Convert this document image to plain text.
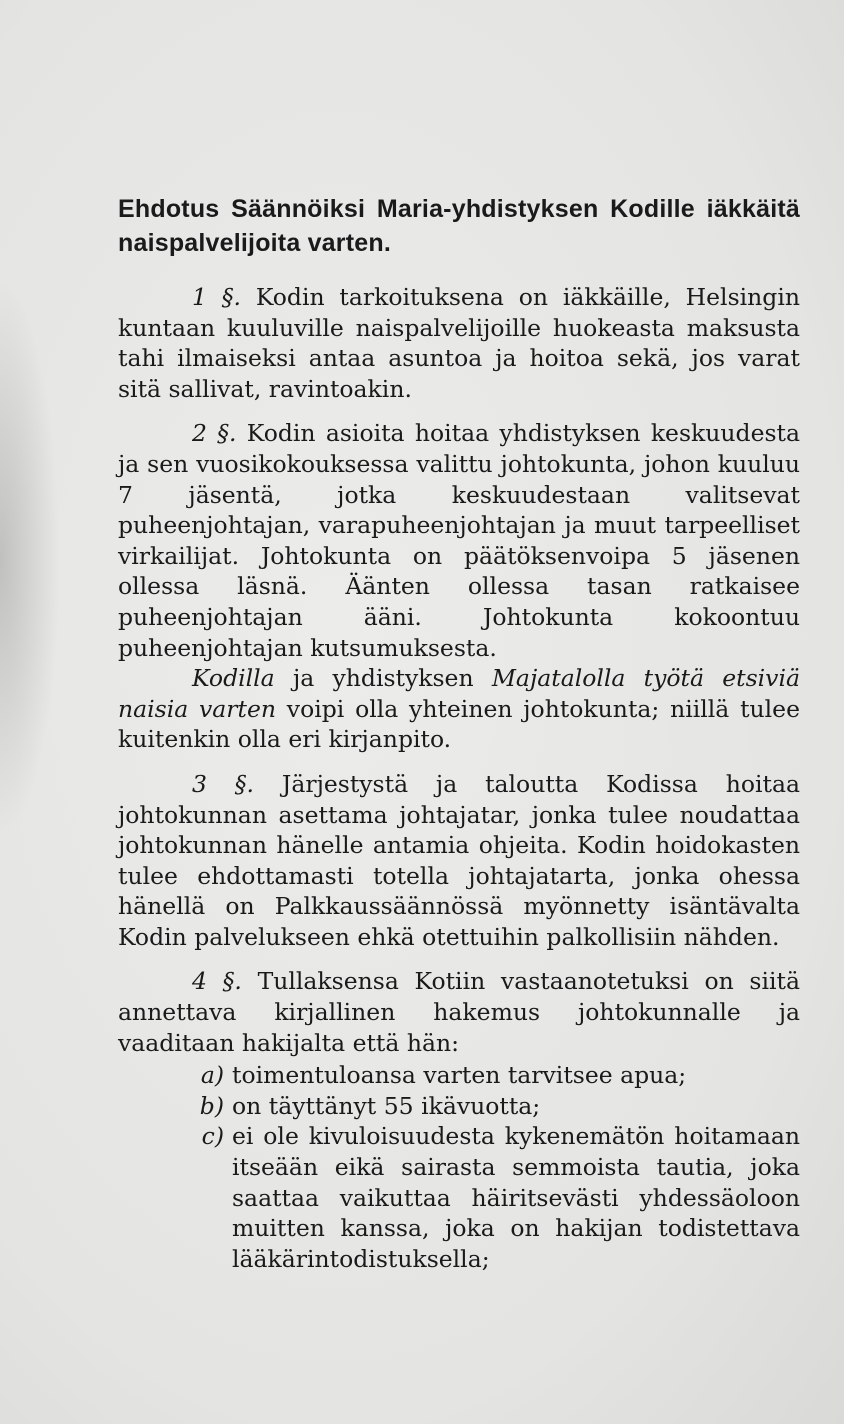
Ehdotus Säännöiksi Maria-yhdistyksen Kodille iäkkäitä naispalvelijoita varten.

1 §. Kodin tarkoituksena on iäkkäille, Helsingin kuntaan kuuluville naispalvelijoille huokeasta maksusta tahi ilmaiseksi antaa asuntoa ja hoitoa sekä, jos varat sitä sallivat, ravintoakin.

2 §. Kodin asioita hoitaa yhdistyksen keskuudesta ja sen vuosikokouksessa valittu johtokunta, johon kuuluu 7 jäsentä, jotka keskuudestaan valitsevat puheenjohtajan, varapuheenjohtajan ja muut tarpeelliset virkailijat. Johtokunta on päätöksenvoipa 5 jäsenen ollessa läsnä. Äänten ollessa tasan ratkaisee puheenjohtajan ääni. Johtokunta kokoontuu puheenjohtajan kutsumuksesta.

Kodilla ja yhdistyksen Majatalolla työtä etsiviä naisia varten voipi olla yhteinen johtokunta; niillä tulee kuitenkin olla eri kirjanpito.

3 §. Järjestystä ja taloutta Kodissa hoitaa johtokunnan asettama johtajatar, jonka tulee noudattaa johtokunnan hänelle antamia ohjeita. Kodin hoidokasten tulee ehdottamasti totella johtajatarta, jonka ohessa hänellä on Palkkaussäännössä myönnetty isäntävalta Kodin palvelukseen ehkä otettuihin palkollisiin nähden.

4 §. Tullaksensa Kotiin vastaanotetuksi on siitä annettava kirjallinen hakemus johtokunnalle ja vaaditaan hakijalta että hän:

a) toimentuloansa varten tarvitsee apua;
b) on täyttänyt 55 ikävuotta;
c) ei ole kivuloisuudesta kykenemätön hoitamaan itseään eikä sairasta semmoista tautia, joka saattaa vaikuttaa häiritsevästi yhdessäoloon muitten kanssa, joka on hakijan todistettava lääkärintodistuksella;
